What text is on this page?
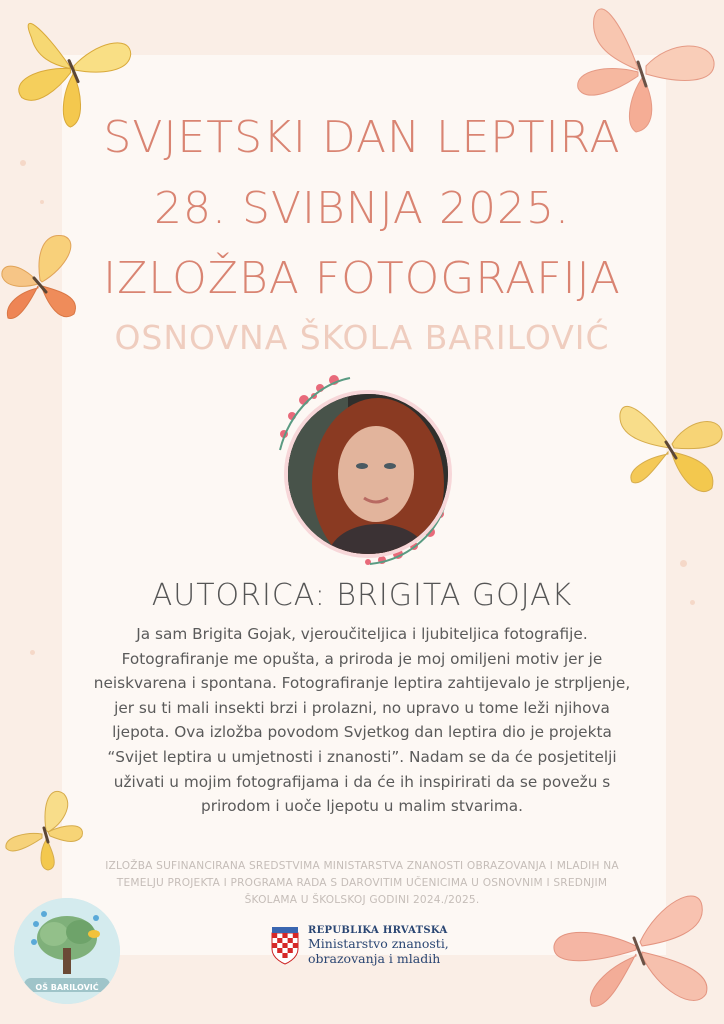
SVJETSKI DAN LEPTIRA
28. SVIBNJA 2025.
IZLOŽBA FOTOGRAFIJA
OSNOVNA ŠKOLA BARILOVIĆ
AUTORICA: BRIGITA GOJAK
Ja sam Brigita Gojak, vjeroučiteljica i ljubiteljica fotografije.
Fotografiranje me opušta, a priroda je moj omiljeni motiv jer je
neiskvarena i spontana. Fotografiranje leptira zahtijevalo je strpljenje,
jer su ti mali insekti brzi i prolazni, no upravo u tome leži njihova
ljepota. Ova izložba povodom Svjetkog dan leptira dio je projekta
“Svijet leptira u umjetnosti i znanosti”. Nadam se da će posjetitelji
uživati u mojim fotografijama i da će ih inspirirati da se povežu s
prirodom i uoče ljepotu u malim stvarima.
IZLOŽBA SUFINANCIRANA SREDSTVIMA MINISTARSTVA ZNANOSTI OBRAZOVANJA I MLADIH NA
TEMELJU PROJEKTA I PROGRAMA RADA S DAROVITIM UČENICIMA U OSNOVNIM I SREDNJIM
ŠKOLAMA U ŠKOLSKOJ GODINI 2024./2025.
REPUBLIKA HRVATSKA
Ministarstvo znanosti,
obrazovanja i mladih
OŠ BARILOVIĆ
